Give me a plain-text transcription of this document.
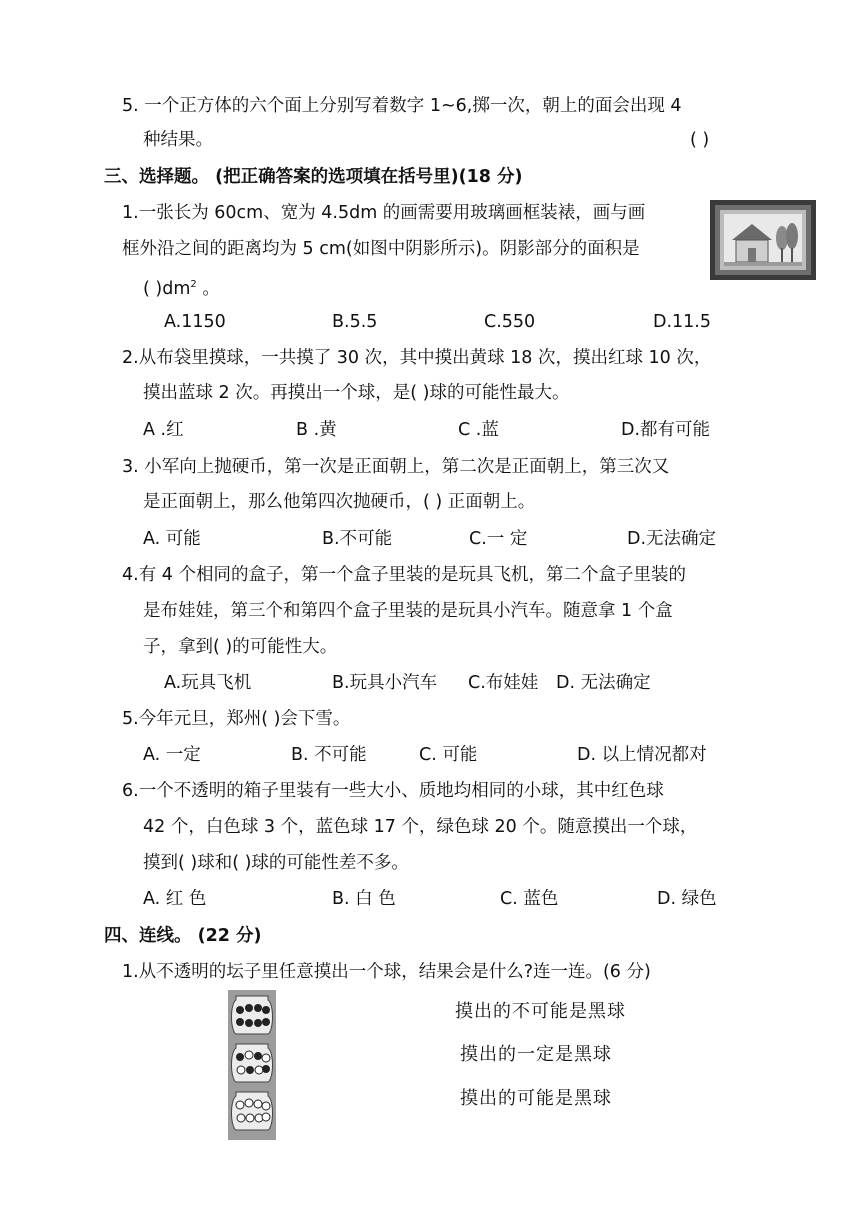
5. 一个正方体的六个面上分别写着数字 1~6,掷一次，朝上的面会出现 4
种结果。	( )
三、选择题。 (把正确答案的选项填在括号里)(18 分)
1.一张长为 60cm、宽为 4.5dm 的画需要用玻璃画框装裱，画与画
框外沿之间的距离均为 5 cm(如图中阴影所示)。阴影部分的面积是
( )$dm^2$ 。
A.1150	B.5.5	C.550	D.11.5
2.从布袋里摸球，一共摸了 30 次，其中摸出黄球 18 次，摸出红球 10 次，
摸出蓝球 2 次。再摸出一个球，是( )球的可能性最大。
A .红	B .黄	C .蓝	D.都有可能
3. 小军向上抛硬币，第一次是正面朝上，第二次是正面朝上，第三次又
是正面朝上，那么他第四次抛硬币，( ) 正面朝上。
A. 可能	B.不可能	C.一 定	D.无法确定
4.有 4 个相同的盒子，第一个盒子里装的是玩具飞机，第二个盒子里装的
是布娃娃，第三个和第四个盒子里装的是玩具小汽车。随意拿 1 个盒
子，拿到( )的可能性大。
A.玩具飞机	B.玩具小汽车 C.布娃娃 D. 无法确定
5.今年元旦，郑州( )会下雪。
A. 一定	B. 不可能	C. 可能	D. 以上情况都对
6.一个不透明的箱子里装有一些大小、质地均相同的小球，其中红色球
42 个，白色球 3 个，蓝色球 17 个，绿色球 20 个。随意摸出一个球，
摸到( )球和( )球的可能性差不多。
A. 红 色	B. 白 色	C. 蓝色	D. 绿色
四、连线。 (22 分)
1.从不透明的坛子里任意摸出一个球，结果会是什么?连一连。(6 分)
摸出的不可能是黑球
摸出的一定是黑球
摸出的可能是黑球
